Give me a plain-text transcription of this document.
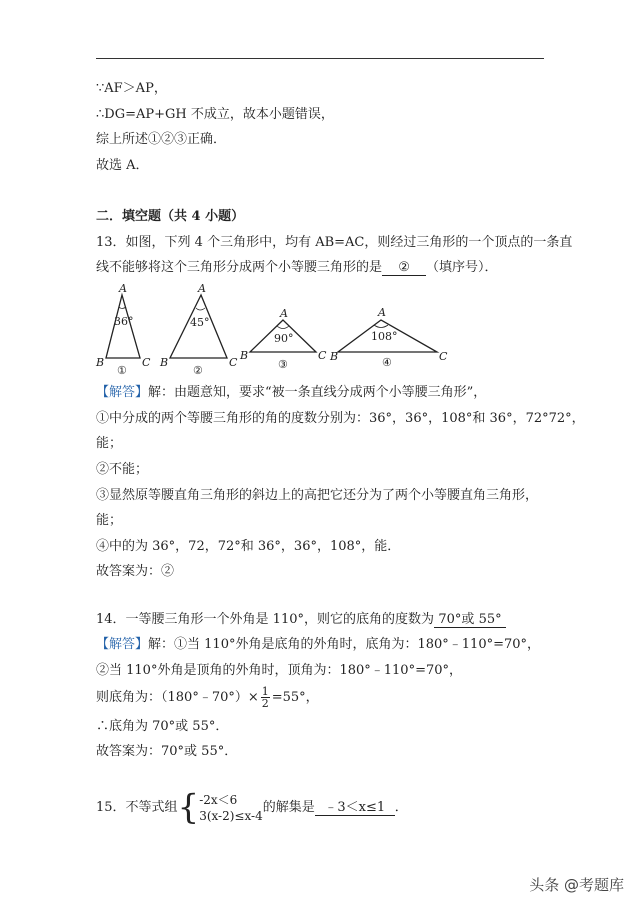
∵AF＞AP，
∴DG=AP+GH 不成立，故本小题错误，
综上所述①②③正确．
故选 A．
二．填空题（共 4 小题）
13．如图，下列 4 个三角形中，均有 AB=AC，则经过三角形的一个顶点的一条直
线不能够将这个三角形分成两个小等腰三角形的是 ② （填序号）．
A
36°
B	C
①
A
45°
B	C
②
A
90°
B	C
③
A
108°
B	C
④
【解答】解：由题意知，要求“被一条直线分成两个小等腰三角形”，
①中分成的两个等腰三角形的角的度数分别为：36°，36°，108°和 36°，72°72°，
能；
②不能；
③显然原等腰直角三角形的斜边上的高把它还分为了两个小等腰直角三角形，
能；
④中的为 36°，72，72°和 36°，36°，108°，能．
故答案为：②
14．一等腰三角形一个外角是 110°，则它的底角的度数为 70°或 55°
【解答】解：①当 110°外角是底角的外角时，底角为：180°﹣110°=70°，
②当 110°外角是顶角的外角时，顶角为：180°﹣110°=70°，
则底角为：（180°﹣70°）× $\frac{1}{2} =55^\circ$，
∴底角为 70°或 55°．
故答案为：70°或 55°．
15．不等式组{ -2x＜6
3(x-2)≤x-4
的解集是 ﹣3＜x≤1 ．
头条 @考题库
